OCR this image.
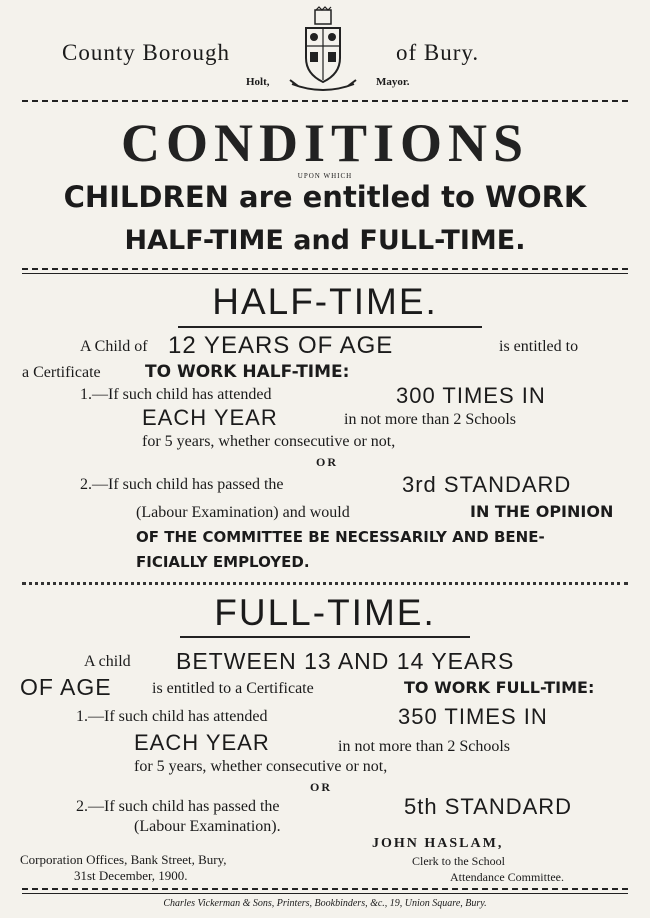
County Borough	of Bury.
Holt,	Mayor.
CONDITIONS
UPON WHICH
CHILDREN are entitled to WORK
HALF-TIME and FULL-TIME.
HALF-TIME.
A Child of 12 YEARS OF AGE	is entitled to
a Certificate	TO WORK HALF-TIME:
1.—If such child has attended	300 TIMES IN
EACH YEAR	in not more than 2 Schools
for 5 years, whether consecutive or not,
OR
2.—If such child has passed the	3rd STANDARD
(Labour Examination) and would	IN THE OPINION
OF THE COMMITTEE BE NECESSARILY AND BENE-
FICIALLY EMPLOYED.
FULL-TIME.
A child BETWEEN 13 AND 14 YEARS
OF AGE	is entitled to a Certificate	TO WORK FULL-TIME:
1.—If such child has attended	350 TIMES IN
EACH YEAR	in not more than 2 Schools
for 5 years, whether consecutive or not,
OR
2.—If such child has passed the	5th STANDARD
(Labour Examination).
JOHN HASLAM,
Corporation Offices, Bank Street, Bury,	Clerk to the School
31st December, 1900.	Attendance Committee.
Charles Vickerman & Sons, Printers, Bookbinders, &c., 19, Union Square, Bury.
